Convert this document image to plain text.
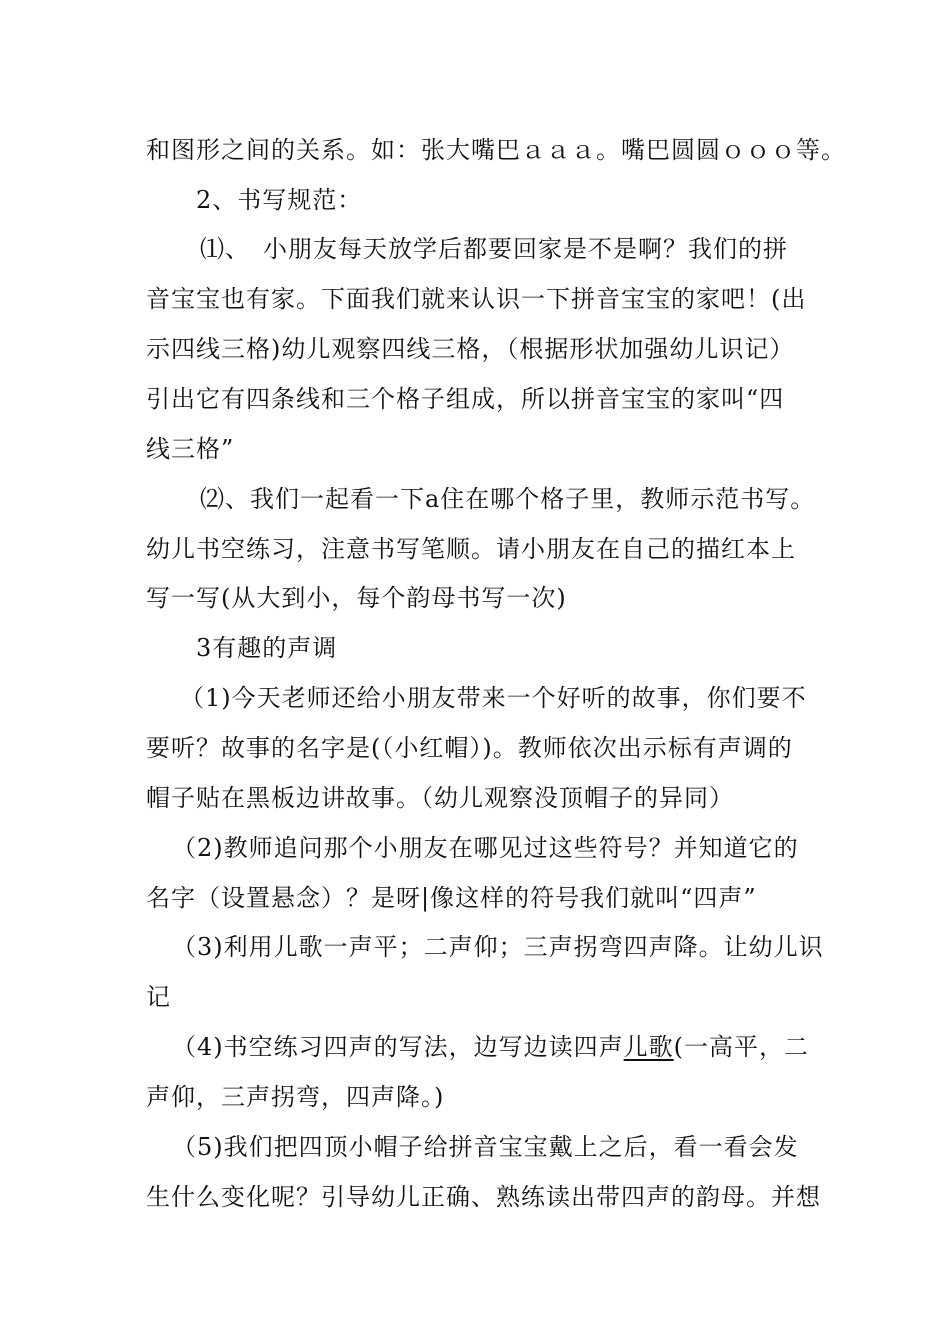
和图形之间的关系。如：张大嘴巴ａａａ。嘴巴圆圆ｏｏｏ等。
2、书写规范：
⑴、　小朋友每天放学后都要回家是不是啊？我们的拼
音宝宝也有家。下面我们就来认识一下拼音宝宝的家吧！(出
示四线三格)幼儿观察四线三格，（根据形状加强幼儿识记）
引出它有四条线和三个格子组成，所以拼音宝宝的家叫“四
线三格”
⑵、我们一起看一下a住在哪个格子里，教师示范书写。
幼儿书空练习，注意书写笔顺。请小朋友在自己的描红本上
写一写(从大到小，每个韵母书写一次)
3有趣的声调
（1)今天老师还给小朋友带来一个好听的故事，你们要不
要听？故事的名字是(（小红帽）)。教师依次出示标有声调的
帽子贴在黑板边讲故事。（幼儿观察没顶帽子的异同）
（2)教师追问那个小朋友在哪见过这些符号？并知道它的
名字（设置悬念）？是呀|像这样的符号我们就叫“四声”
（3)利用儿歌一声平；二声仰；三声拐弯四声降。让幼儿识
记
（4)书空练习四声的写法，边写边读四声儿歌(一高平，二
声仰，三声拐弯，四声降。)
（5)我们把四顶小帽子给拼音宝宝戴上之后，看一看会发
生什么变化呢？引导幼儿正确、熟练读出带四声的韵母。并想
